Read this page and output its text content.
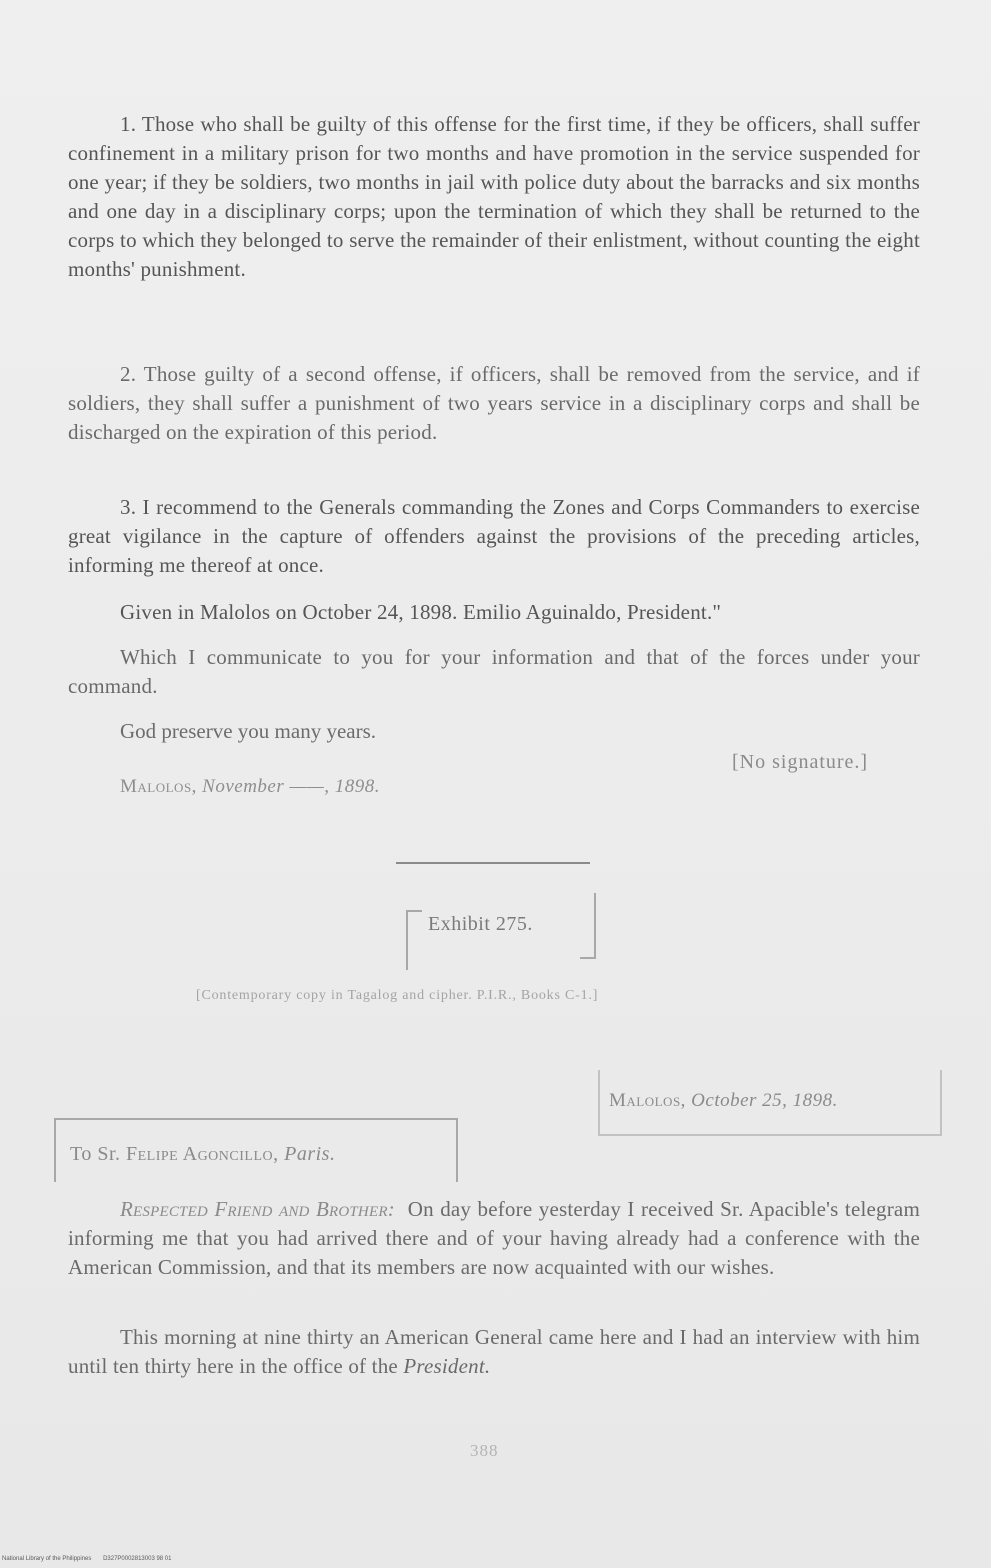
1. Those who shall be guilty of this offense for the first time, if they be officers, shall suffer confinement in a military prison for two months and have promotion in the service suspended for one year; if they be soldiers, two months in jail with police duty about the barracks and six months and one day in a disciplinary corps; upon the termination of which they shall be returned to the corps to which they belonged to serve the remainder of their enlistment, without counting the eight months' punishment.

2. Those guilty of a second offense, if officers, shall be removed from the service, and if soldiers, they shall suffer a punishment of two years service in a disciplinary corps and shall be discharged on the expiration of this period.

3. I recommend to the Generals commanding the Zones and Corps Commanders to exercise great vigilance in the capture of offenders against the provisions of the preceding articles, informing me thereof at once.

Given in Malolos on October 24, 1898. Emilio Aguinaldo, President."

Which I communicate to you for your information and that of the forces under your command.

God preserve you many years.

[No signature.]
Malolos, November ——, 1898.
Exhibit 275.
[Contemporary copy in Tagalog and cipher. P.I.R., Books C-1.]
Malolos, October 25, 1898.
To Sr. Felipe Agoncillo, Paris.

Respected Friend and Brother: On day before yesterday I received Sr. Apacible's telegram informing me that you had arrived there and of your having already had a conference with the American Commission, and that its members are now acquainted with our wishes.

This morning at nine thirty an American General came here and I had an interview with him until ten thirty here in the office of the President.

388
National Library of the Philippines D327P0002813003 98 01
